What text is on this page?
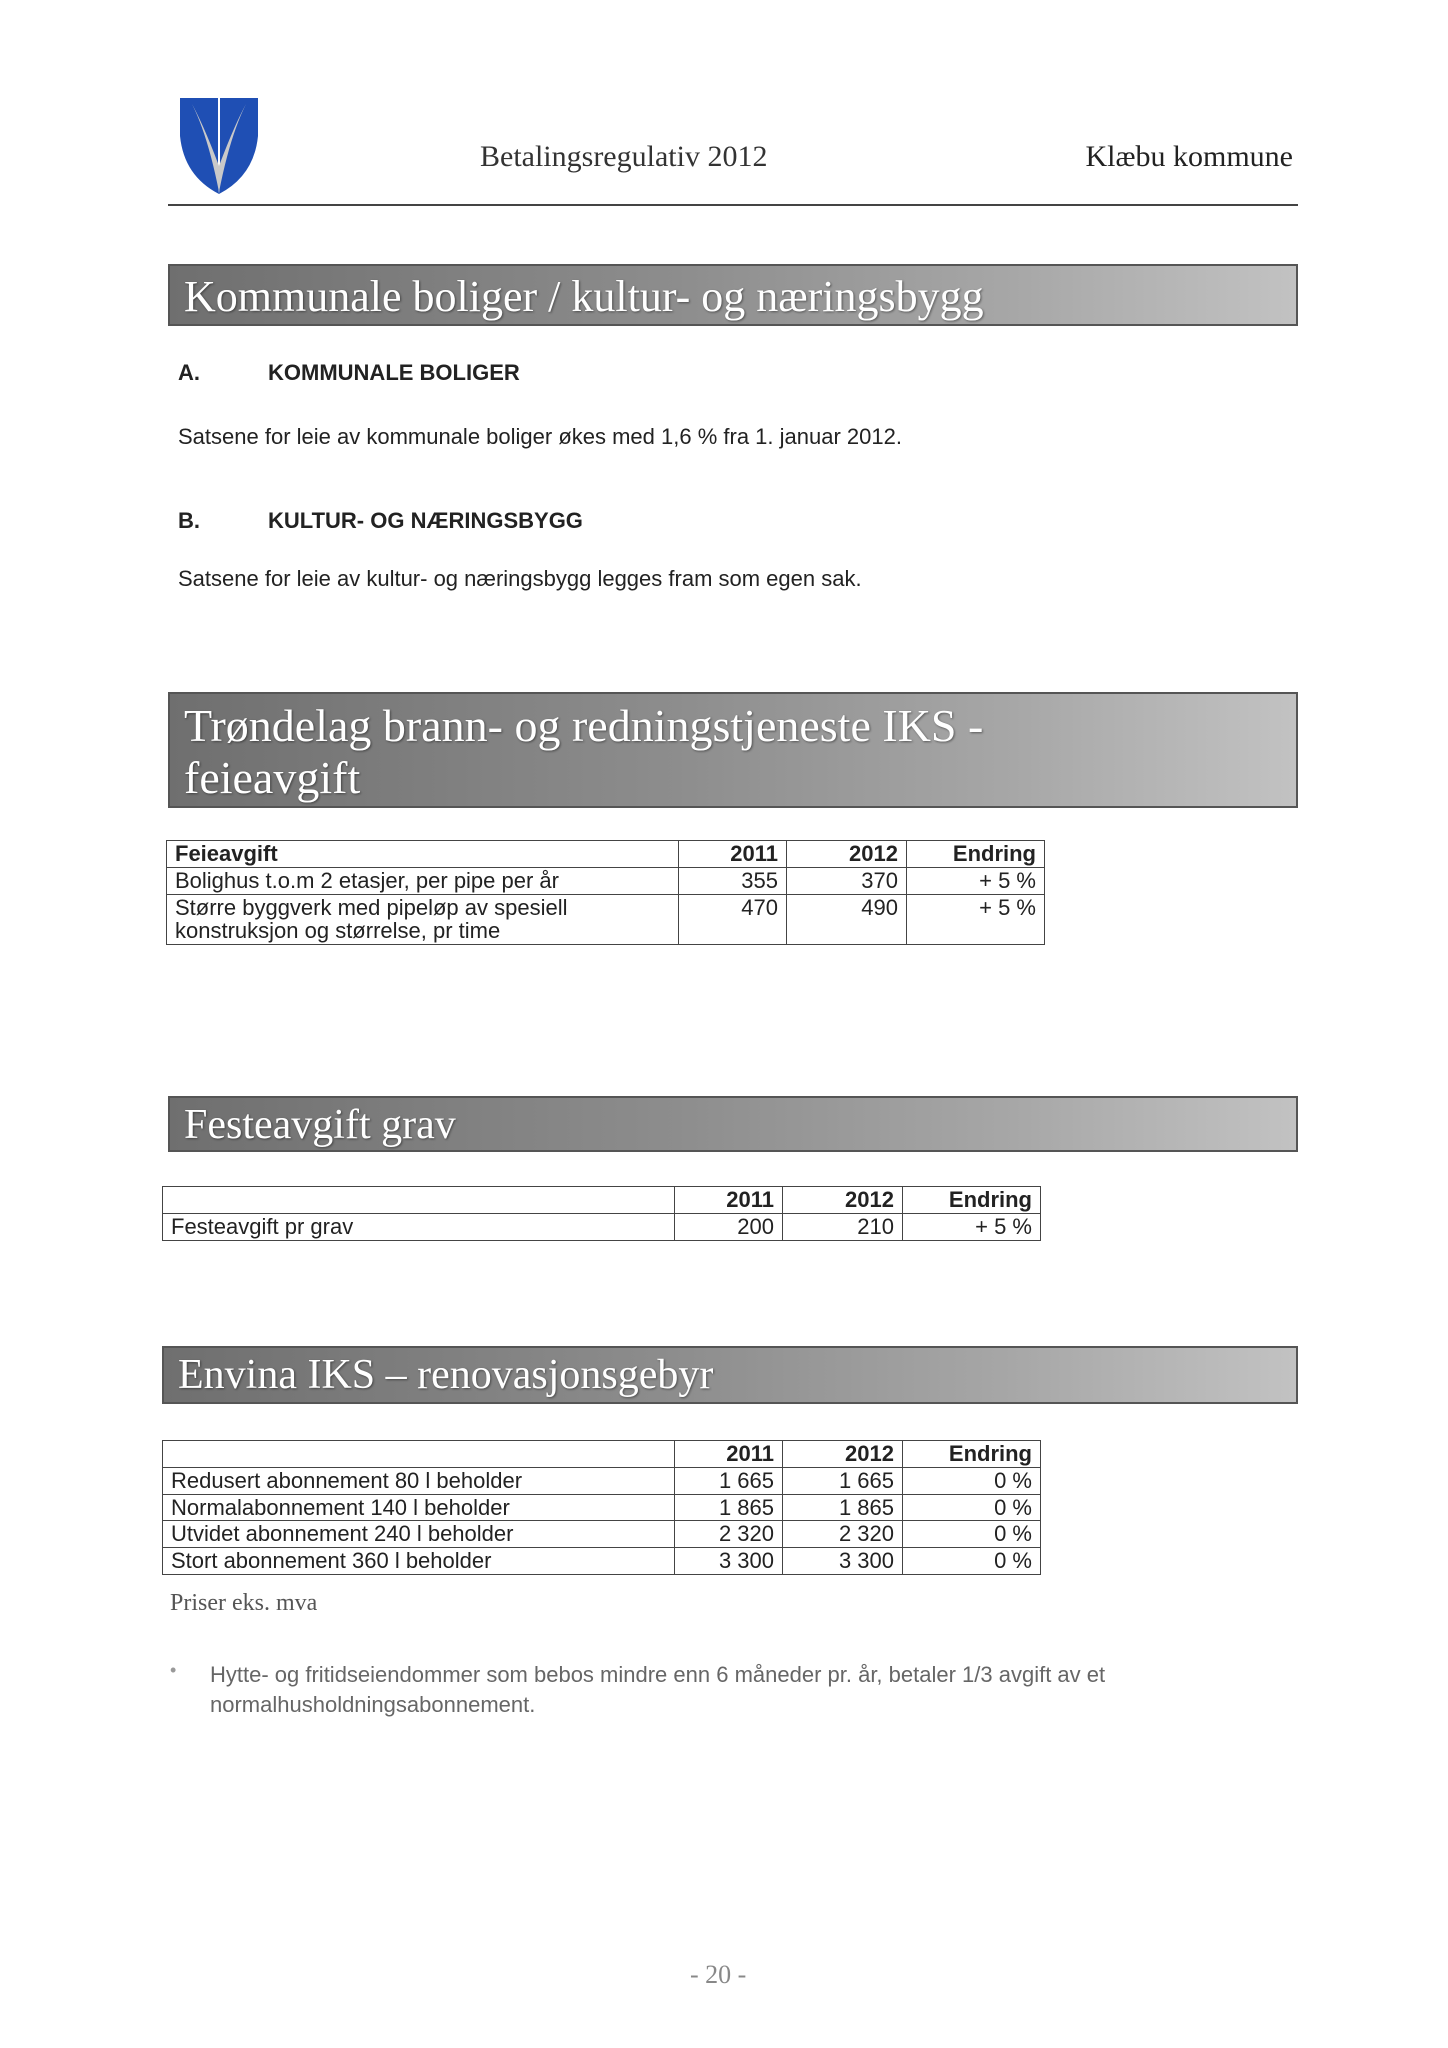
Betalingsregulativ 2012	Klæbu kommune
Kommunale boliger / kultur- og næringsbygg
A.	KOMMUNALE BOLIGER
Satsene for leie av kommunale boliger økes med 1,6 % fra 1. januar 2012.
B.	KULTUR- OG NÆRINGSBYGG
Satsene for leie av kultur- og næringsbygg legges fram som egen sak.
Trøndelag brann- og redningstjeneste IKS -
feieavgift
Feieavgift	2011	2012	Endring
Bolighus t.o.m 2 etasjer, per pipe per år	355	370	+ 5 %
Større byggverk med pipeløp av spesiell konstruksjon og størrelse, pr time	470	490	+ 5 %
Festeavgift grav
	2011	2012	Endring
Festeavgift pr grav	200	210	+ 5 %
Envina IKS – renovasjonsgebyr
	2011	2012	Endring
Redusert abonnement 80 l beholder	1 665	1 665	0 %
Normalabonnement 140 l beholder	1 865	1 865	0 %
Utvidet abonnement 240 l beholder	2 320	2 320	0 %
Stort abonnement 360 l beholder	3 300	3 300	0 %
Priser eks. mva
• Hytte- og fritidseiendommer som bebos mindre enn 6 måneder pr. år, betaler 1/3 avgift av et normalhusholdningsabonnement.
- 20 -
